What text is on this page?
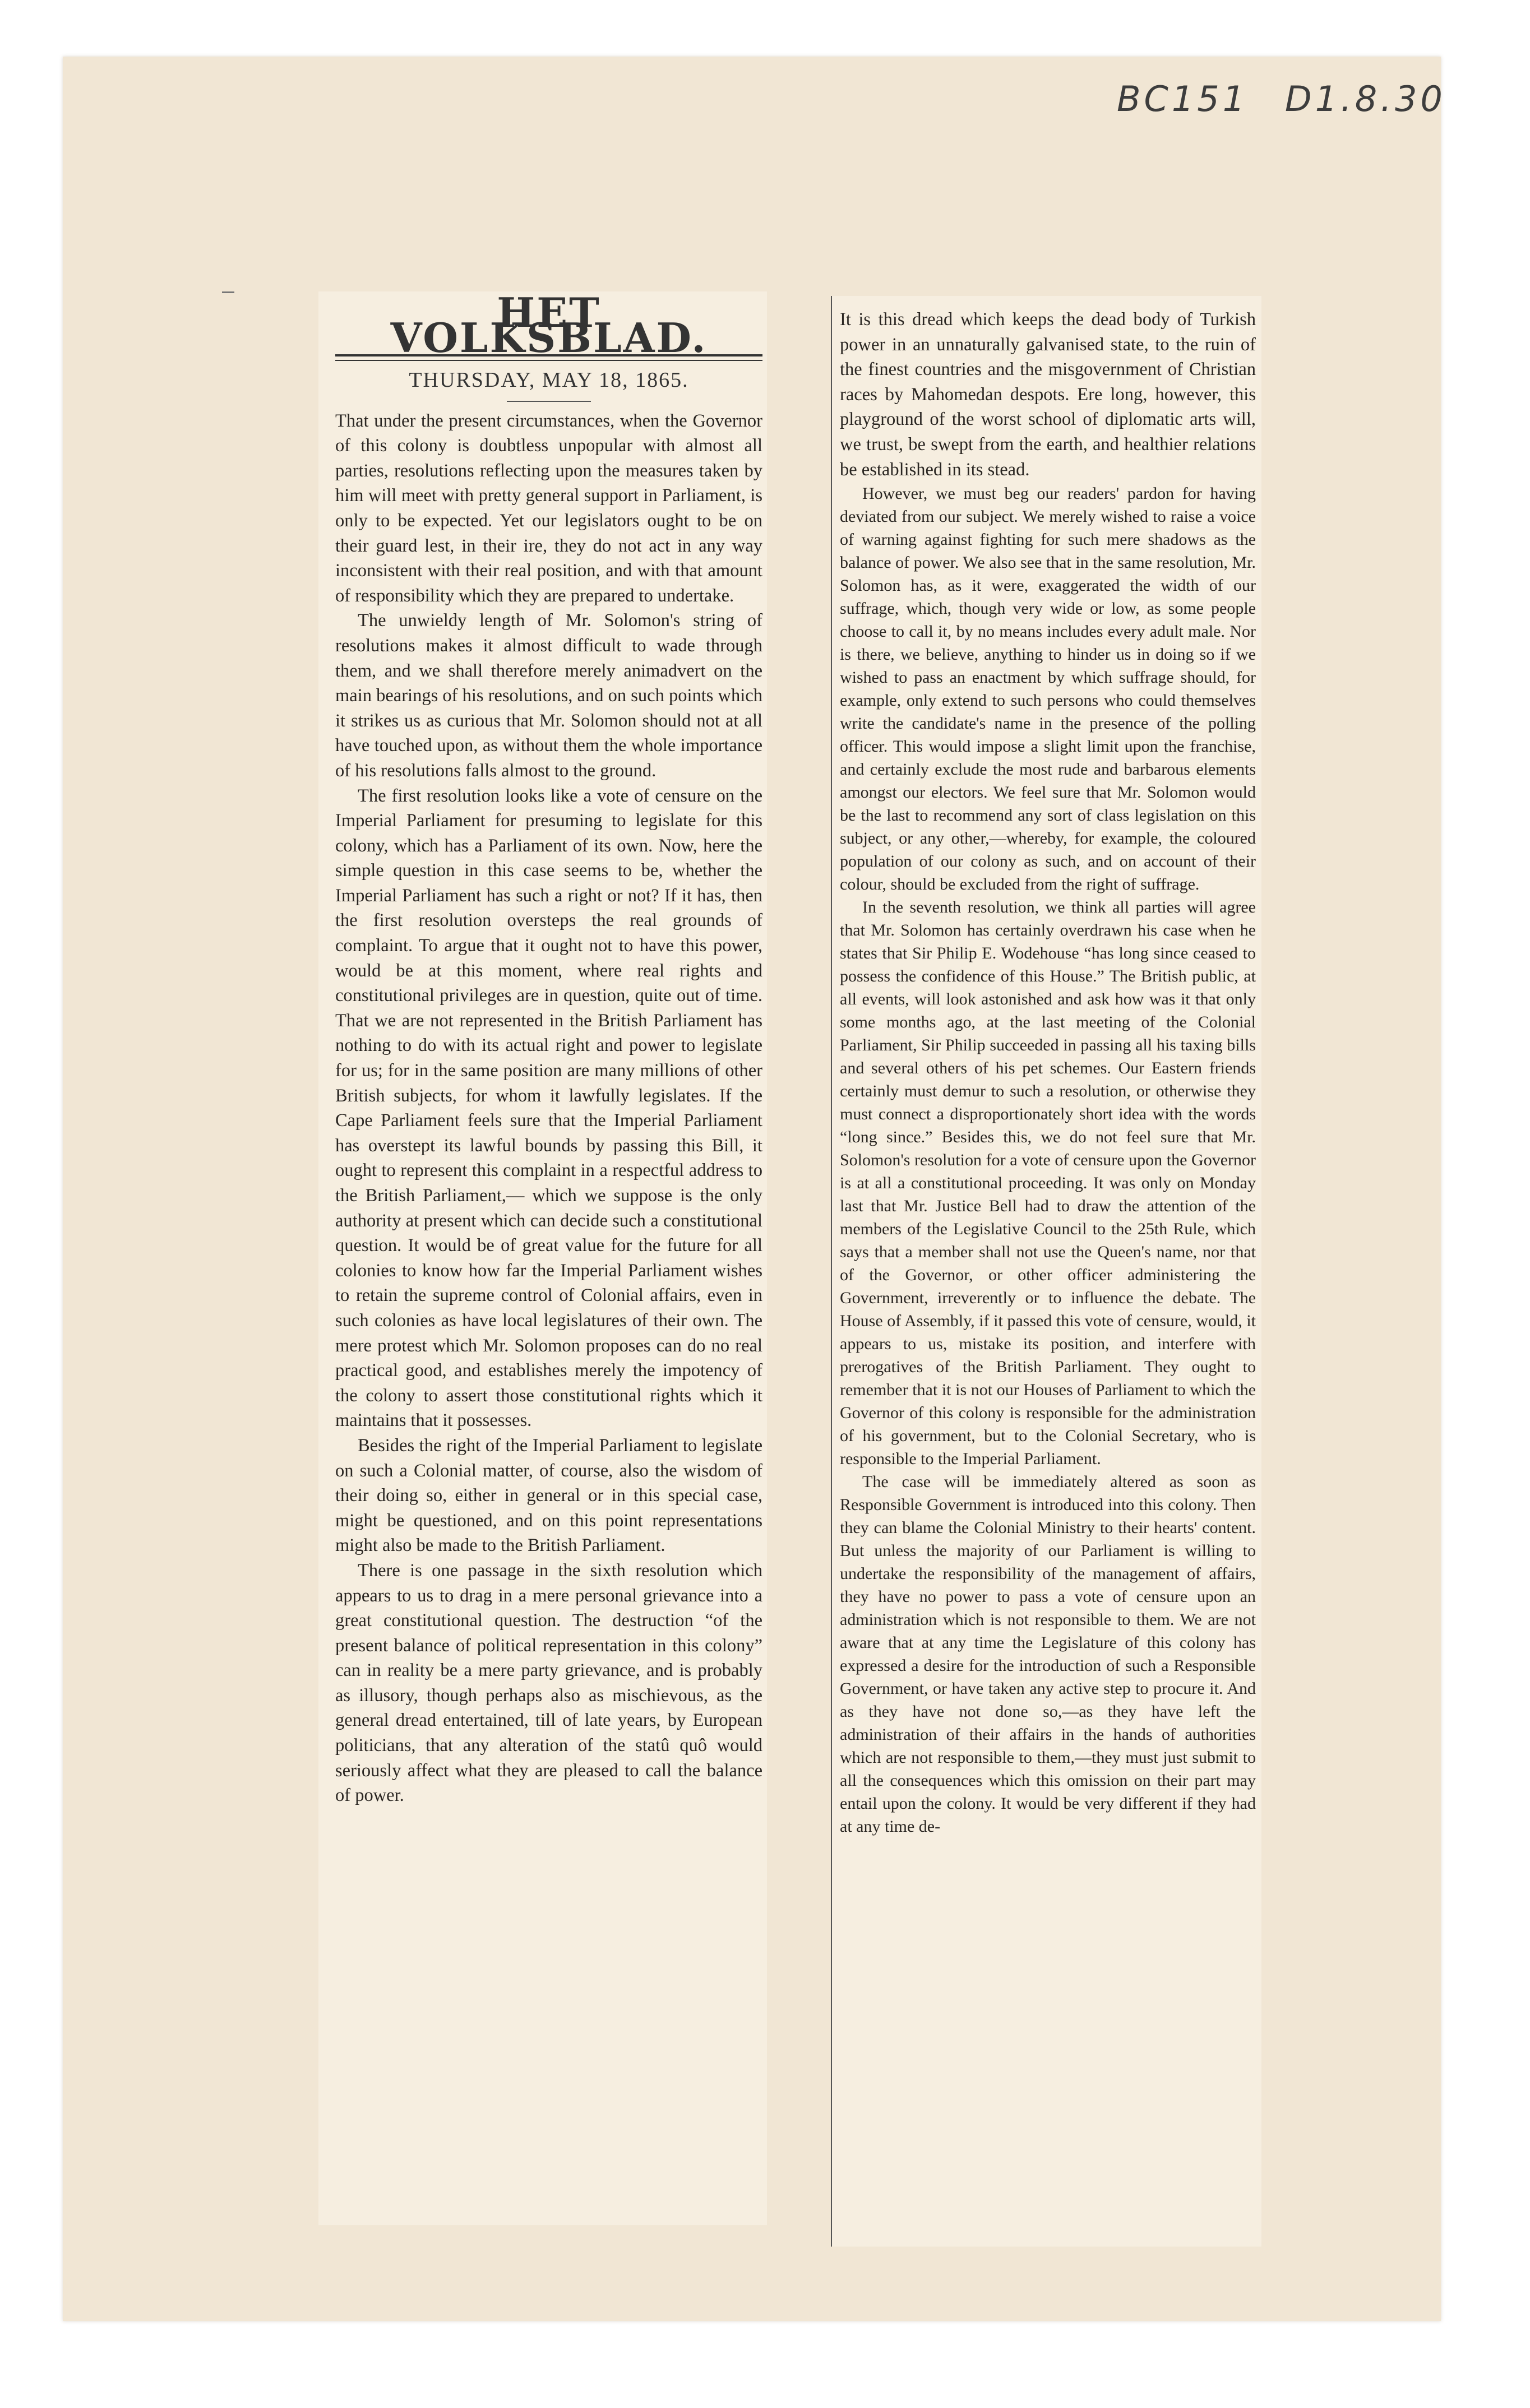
BC151 D1.8.30
HET VOLKSBLAD.
THURSDAY, MAY 18, 1865.

That under the present circumstances, when the Governor of this colony is doubtless unpopular with almost all parties, resolutions reflecting upon the measures taken by him will meet with pretty general support in Parliament, is only to be expected. Yet our legislators ought to be on their guard lest, in their ire, they do not act in any way inconsistent with their real position, and with that amount of responsibility which they are prepared to undertake.

The unwieldy length of Mr. Solomon's string of resolutions makes it almost difficult to wade through them, and we shall therefore merely animadvert on the main bearings of his resolutions, and on such points which it strikes us as curious that Mr. Solomon should not at all have touched upon, as without them the whole importance of his resolutions falls almost to the ground.

The first resolution looks like a vote of censure on the Imperial Parliament for presuming to legislate for this colony, which has a Parliament of its own. Now, here the simple question in this case seems to be, whether the Imperial Parliament has such a right or not? If it has, then the first resolution oversteps the real grounds of complaint. To argue that it ought not to have this power, would be at this moment, where real rights and constitutional privileges are in question, quite out of time. That we are not represented in the British Parliament has nothing to do with its actual right and power to legislate for us; for in the same position are many millions of other British subjects, for whom it lawfully legislates. If the Cape Parliament feels sure that the Imperial Parliament has overstept its lawful bounds by passing this Bill, it ought to represent this complaint in a respectful address to the British Parliament,— which we suppose is the only authority at present which can decide such a constitutional question. It would be of great value for the future for all colonies to know how far the Imperial Parliament wishes to retain the supreme control of Colonial affairs, even in such colonies as have local legislatures of their own. The mere protest which Mr. Solomon proposes can do no real practical good, and establishes merely the impotency of the colony to assert those constitutional rights which it maintains that it possesses.

Besides the right of the Imperial Parliament to legislate on such a Colonial matter, of course, also the wisdom of their doing so, either in general or in this special case, might be questioned, and on this point representations might also be made to the British Parliament.

There is one passage in the sixth resolution which appears to us to drag in a mere personal grievance into a great constitutional question. The destruction “of the present balance of political representation in this colony” can in reality be a mere party grievance, and is probably as illusory, though perhaps also as mischievous, as the general dread entertained, till of late years, by European politicians, that any alteration of the statû quô would seriously affect what they are pleased to call the balance of power.

It is this dread which keeps the dead body of Turkish power in an unnaturally galvanised state, to the ruin of the finest countries and the misgovernment of Christian races by Mahomedan despots. Ere long, however, this playground of the worst school of diplomatic arts will, we trust, be swept from the earth, and healthier relations be established in its stead.

However, we must beg our readers' pardon for having deviated from our subject. We merely wished to raise a voice of warning against fighting for such mere shadows as the balance of power. We also see that in the same resolution, Mr. Solomon has, as it were, exaggerated the width of our suffrage, which, though very wide or low, as some people choose to call it, by no means includes every adult male. Nor is there, we believe, anything to hinder us in doing so if we wished to pass an enactment by which suffrage should, for example, only extend to such persons who could themselves write the candidate's name in the presence of the polling officer. This would impose a slight limit upon the franchise, and certainly exclude the most rude and barbarous elements amongst our electors. We feel sure that Mr. Solomon would be the last to recommend any sort of class legislation on this subject, or any other,—whereby, for example, the coloured population of our colony as such, and on account of their colour, should be excluded from the right of suffrage.

In the seventh resolution, we think all parties will agree that Mr. Solomon has certainly overdrawn his case when he states that Sir Philip E. Wodehouse “has long since ceased to possess the confidence of this House.” The British public, at all events, will look astonished and ask how was it that only some months ago, at the last meeting of the Colonial Parliament, Sir Philip succeeded in passing all his taxing bills and several others of his pet schemes. Our Eastern friends certainly must demur to such a resolution, or otherwise they must connect a disproportionately short idea with the words “long since.” Besides this, we do not feel sure that Mr. Solomon's resolution for a vote of censure upon the Governor is at all a constitutional proceeding. It was only on Monday last that Mr. Justice Bell had to draw the attention of the members of the Legislative Council to the 25th Rule, which says that a member shall not use the Queen's name, nor that of the Governor, or other officer administering the Government, irreverently or to influence the debate. The House of Assembly, if it passed this vote of censure, would, it appears to us, mistake its position, and interfere with prerogatives of the British Parliament. They ought to remember that it is not our Houses of Parliament to which the Governor of this colony is responsible for the administration of his government, but to the Colonial Secretary, who is responsible to the Imperial Parliament.

The case will be immediately altered as soon as Responsible Government is introduced into this colony. Then they can blame the Colonial Ministry to their hearts' content. But unless the majority of our Parliament is willing to undertake the responsibility of the management of affairs, they have no power to pass a vote of censure upon an administration which is not responsible to them. We are not aware that at any time the Legislature of this colony has expressed a desire for the introduction of such a Responsible Government, or have taken any active step to procure it. And as they have not done so,—as they have left the administration of their affairs in the hands of authorities which are not responsible to them,—they must just submit to all the consequences which this omission on their part may entail upon the colony. It would be very different if they had at any time de-
